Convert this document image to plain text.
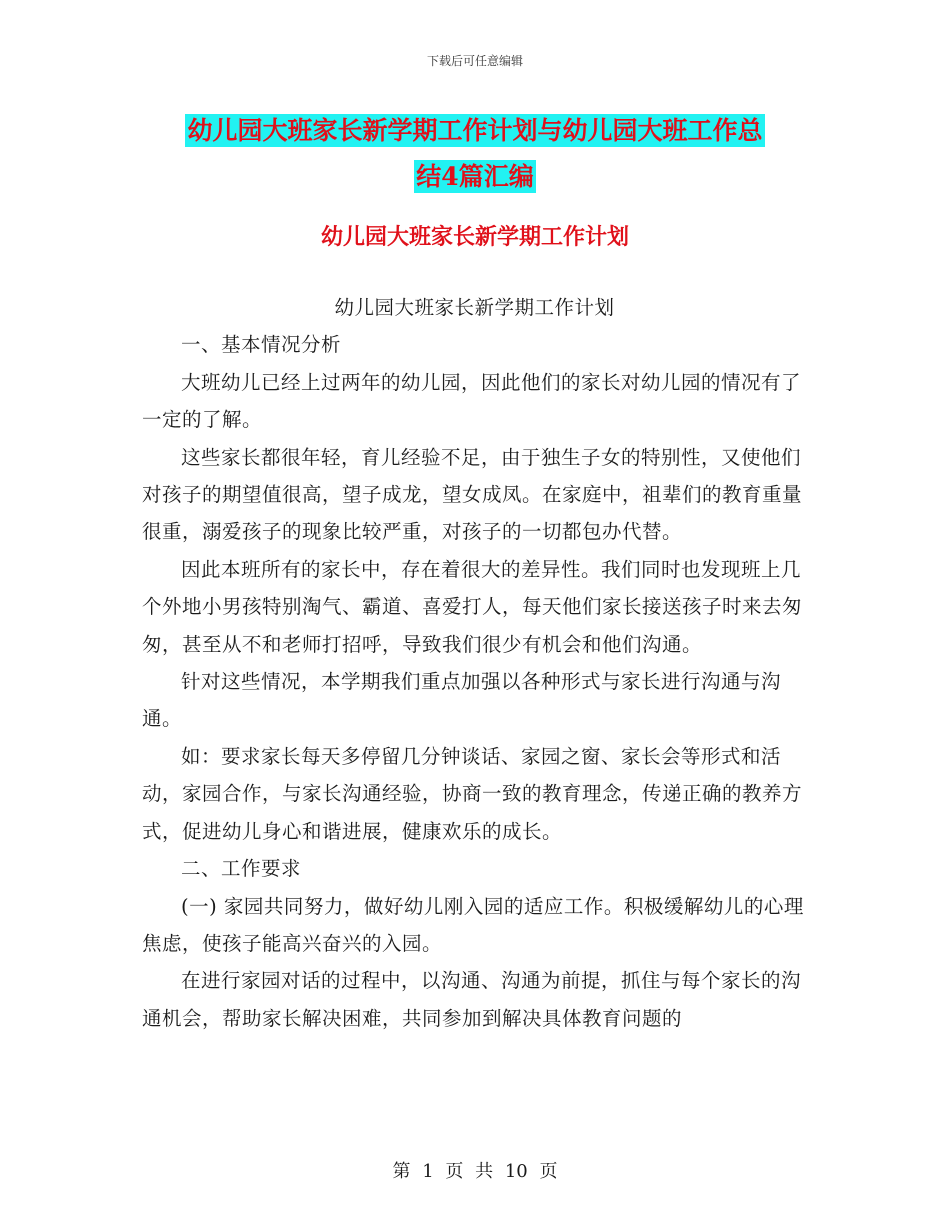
下载后可任意编辑
幼儿园大班家长新学期工作计划与幼儿园大班工作总
结4篇汇编
幼儿园大班家长新学期工作计划

幼儿园大班家长新学期工作计划

一、基本情况分析

大班幼儿已经上过两年的幼儿园，因此他们的家长对幼儿园的情况有了一定的了解。

这些家长都很年轻，育儿经验不足，由于独生子女的特别性，又使他们对孩子的期望值很高，望子成龙，望女成凤。在家庭中，祖辈们的教育重量很重，溺爱孩子的现象比较严重，对孩子的一切都包办代替。

因此本班所有的家长中，存在着很大的差异性。我们同时也发现班上几个外地小男孩特别淘气、霸道、喜爱打人，每天他们家长接送孩子时来去匆匆，甚至从不和老师打招呼，导致我们很少有机会和他们沟通。

针对这些情况，本学期我们重点加强以各种形式与家长进行沟通与沟通。

如：要求家长每天多停留几分钟谈话、家园之窗、家长会等形式和活动，家园合作，与家长沟通经验，协商一致的教育理念，传递正确的教养方式，促进幼儿身心和谐进展，健康欢乐的成长。

二、工作要求

(一) 家园共同努力，做好幼儿刚入园的适应工作。积极缓解幼儿的心理焦虑，使孩子能高兴奋兴的入园。

在进行家园对话的过程中，以沟通、沟通为前提，抓住与每个家长的沟通机会，帮助家长解决困难，共同参加到解决具体教育问题的

第 1 页 共 10 页
